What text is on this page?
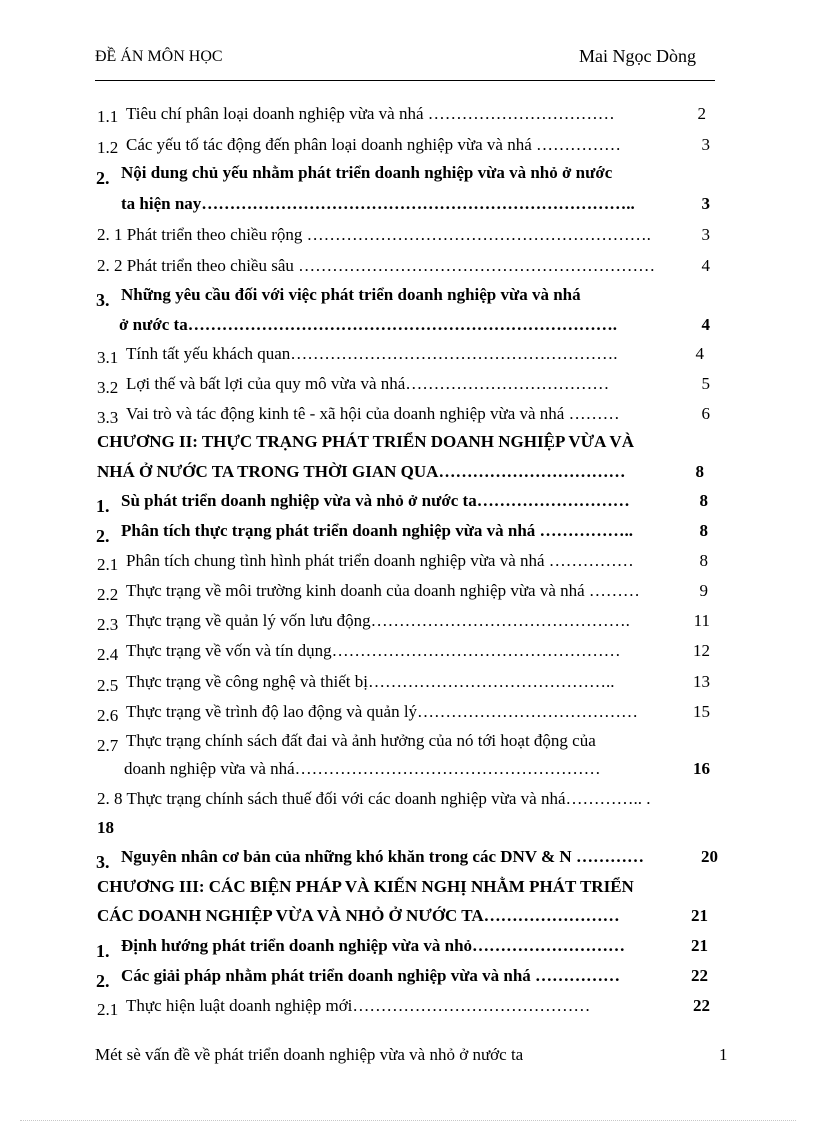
ĐỀ ÁN MÔN HỌC	Mai Ngọc Dòng
1.1 Tiêu chí phân loại doanh nghiệp vừa và nhá ……………………………	2
1.2 Các yếu tố tác động đến phân loại doanh nghiệp vừa và nhá ……………	3
2. Nội dung chủ yếu nhằm phát triển doanh nghiệp vừa và nhỏ ở nước
ta hiện nay…………………………………………………………………..	3
2. 1 Phát triển theo chiều rộng …………………………………………………….	3
2. 2 Phát triển theo chiều sâu ………………………………………………………	4
3. Những yêu cầu đối với việc phát triển doanh nghiệp vừa và nhá
ở nước ta………………………………………………………………….	4
3.1 Tính tất yếu khách quan………………………………………………….	4
3.2 Lợi thế và bất lợi của quy mô vừa và nhá………………………………	5
3.3 Vai trò và tác động kinh tê - xã hội của doanh nghiệp vừa và nhá ………	6
CHƯƠNG II: THỰC TRẠNG PHÁT TRIỂN DOANH NGHIỆP VỪA VÀ
NHÁ Ở NƯỚC TA TRONG THỜI GIAN QUA……………………………	8
1. Sù phát triển doanh nghiệp vừa và nhỏ ở nước ta………………………	8
2. Phân tích thực trạng phát triển doanh nghiệp vừa và nhá ……………..	8
2.1 Phân tích chung tình hình phát triển doanh nghiệp vừa và nhá ……………	8
2.2 Thực trạng về môi trường kinh doanh của doanh nghiệp vừa và nhá ………	9
2.3 Thực trạng về quản lý vốn lưu động……………………………………….	11
2.4 Thực trạng về vốn và tín dụng……………………………………………	12
2.5 Thực trạng về công nghệ và thiết bị……………………………………..	13
2.6 Thực trạng về trình độ lao động và quản lý…………………………………	15
2.7 Thực trạng chính sách đất đai và ảnh hưởng của nó tới hoạt động của
doanh nghiệp vừa và nhá………………………………………………	16
2. 8 Thực trạng chính sách thuế đối với các doanh nghiệp vừa và nhá………….. .
18
3. Nguyên nhân cơ bản của những khó khăn trong các DNV & N …………	20
CHƯƠNG III: CÁC BIỆN PHÁP VÀ KIẾN NGHỊ NHẰM PHÁT TRIỂN
CÁC DOANH NGHIỆP VỪA VÀ NHỎ Ở NƯỚC TA……………………	21
1. Định hướng phát triển doanh nghiệp vừa và nhỏ………………………	21
2. Các giải pháp nhằm phát triển doanh nghiệp vừa và nhá ……………	22
2.1 Thực hiện luật doanh nghiệp mới……………………………………	22
Mét sè vấn đề về phát triển doanh nghiệp vừa và nhỏ ở nước ta	1
